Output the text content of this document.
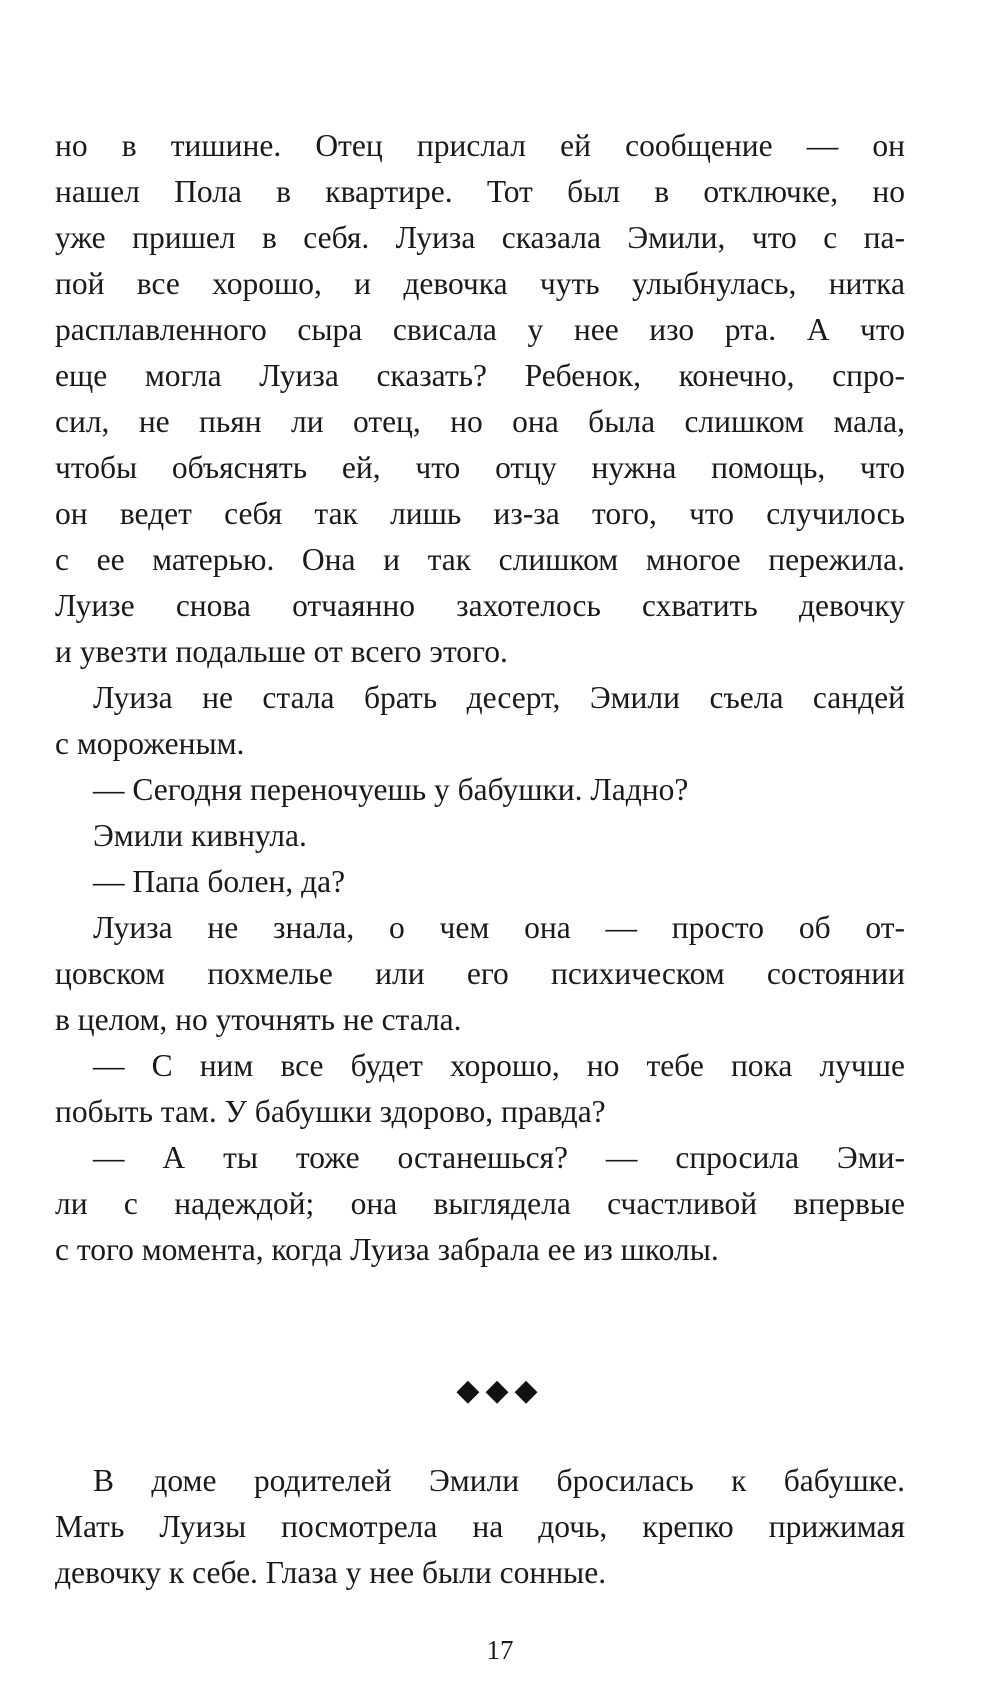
но в тишине. Отец прислал ей сообщение — он
нашел Пола в квартире. Тот был в отключке, но
уже пришел в себя. Луиза сказала Эмили, что с па-
пой все хорошо, и девочка чуть улыбнулась, нитка
расплавленного сыра свисала у нее изо рта. А что
еще могла Луиза сказать? Ребенок, конечно, спро-
сил, не пьян ли отец, но она была слишком мала,
чтобы объяснять ей, что отцу нужна помощь, что
он ведет себя так лишь из-за того, что случилось
с ее матерью. Она и так слишком многое пережила.
Луизе снова отчаянно захотелось схватить девочку
и увезти подальше от всего этого.
Луиза не стала брать десерт, Эмили съела сандей
с мороженым.
— Сегодня переночуешь у бабушки. Ладно?
Эмили кивнула.
— Папа болен, да?
Луиза не знала, о чем она — просто об от-
цовском похмелье или его психическом состоянии
в целом, но уточнять не стала.
— С ним все будет хорошо, но тебе пока лучше
побыть там. У бабушки здорово, правда?
— А ты тоже останешься? — спросила Эми-
ли с надеждой; она выглядела счастливой впервые
с того момента, когда Луиза забрала ее из школы.
◆◆◆
В доме родителей Эмили бросилась к бабушке.
Мать Луизы посмотрела на дочь, крепко прижимая
девочку к себе. Глаза у нее были сонные.
17
